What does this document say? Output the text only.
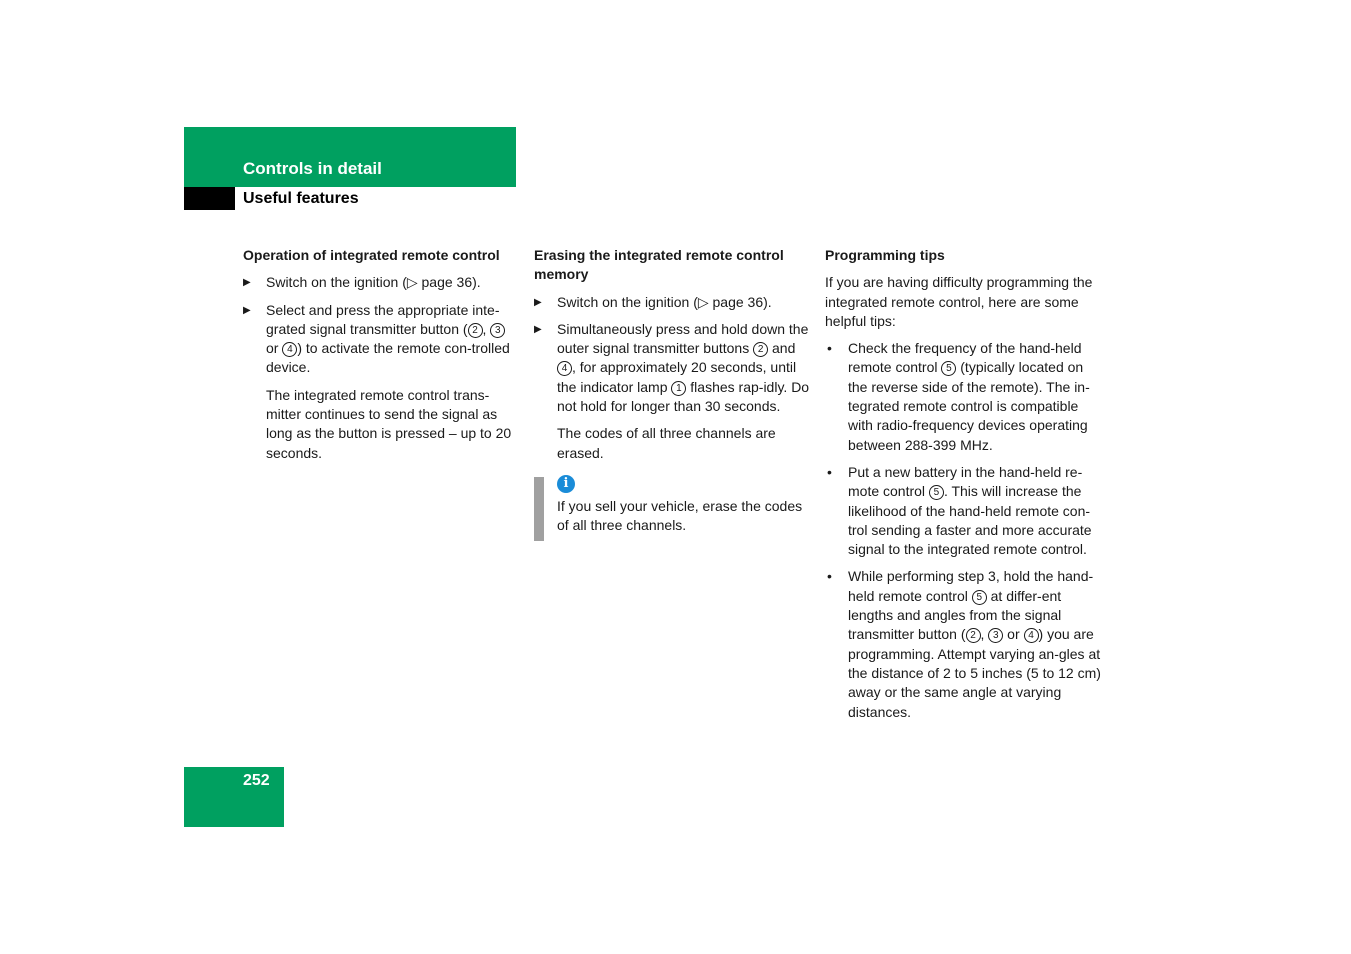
Controls in detail
Useful features
Operation of integrated remote control
▶ Switch on the ignition (▷ page 36).
▶ Select and press the appropriate inte-grated signal transmitter button ( 2 , 3 or 4 ) to activate the remote con-trolled device.
The integrated remote control trans-mitter continues to send the signal as long as the button is pressed – up to 20 seconds.
Erasing the integrated remote control memory
▶ Switch on the ignition (▷ page 36).
▶ Simultaneously press and hold down the outer signal transmitter buttons 2 and 4 , for approximately 20 seconds, until the indicator lamp 1 flashes rap-idly. Do not hold for longer than 30 seconds.
The codes of all three channels are erased.
i
If you sell your vehicle, erase the codes of all three channels.
Programming tips
If you are having difficulty programming the integrated remote control, here are some helpful tips:
• Check the frequency of the hand-held remote control 5 (typically located on the reverse side of the remote). The in-tegrated remote control is compatible with radio-frequency devices operating between 288-399 MHz.
• Put a new battery in the hand-held re-mote control 5 . This will increase the likelihood of the hand-held remote con-trol sending a faster and more accurate signal to the integrated remote control.
• While performing step 3, hold the hand-held remote control 5 at differ-ent lengths and angles from the signal transmitter button ( 2 , 3 or 4 ) you are programming. Attempt varying an-gles at the distance of 2 to 5 inches (5 to 12 cm) away or the same angle at varying distances.
252
